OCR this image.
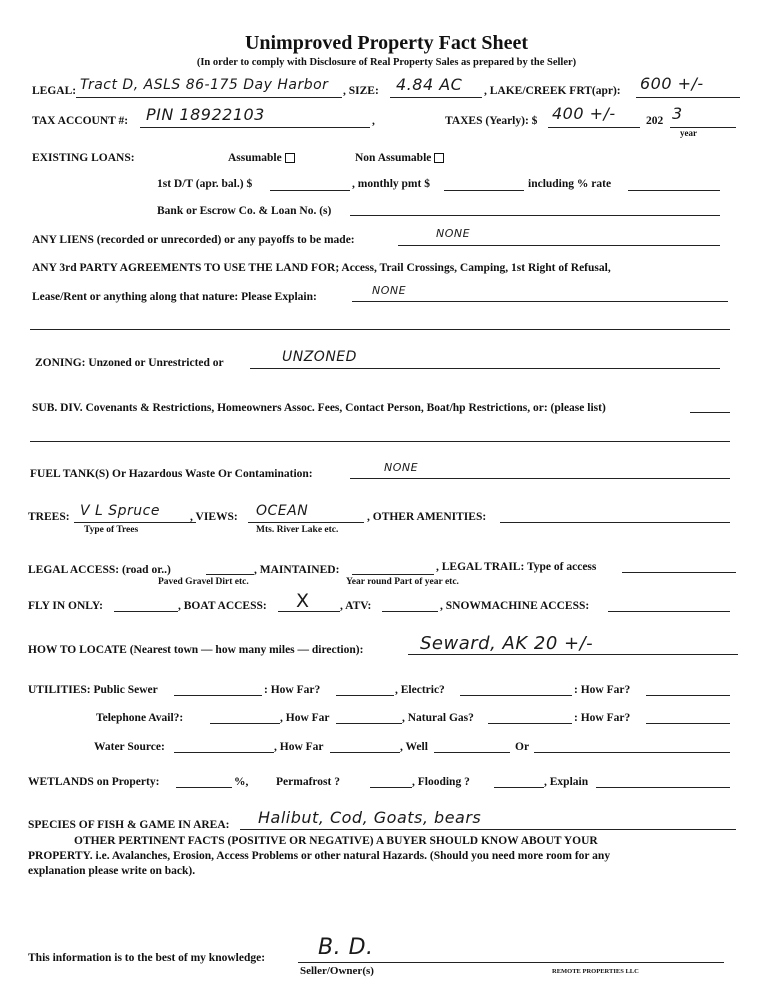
Unimproved Property Fact Sheet
(In order to comply with Disclosure of Real Property Sales as prepared by the Seller)
LEGAL: Tract D, ASLS 86-175 Day Harbor , SIZE: 4.84 AC , LAKE/CREEK FRT(apr): 600 +/-
TAX ACCOUNT #: PIN 18922103	,	TAXES (Yearly): $ 400 +/-	202 3
year
EXISTING LOANS:	Assumable	Non Assumable
1st D/T (apr. bal.) $	, monthly pmt $	including % rate
Bank or Escrow Co. & Loan No. (s)
ANY LIENS (recorded or unrecorded) or any payoffs to be made:	NONE
ANY 3rd PARTY AGREEMENTS TO USE THE LAND FOR; Access, Trail Crossings, Camping, 1st Right of Refusal,
Lease/Rent or anything along that nature: Please Explain:	NONE
ZONING: Unzoned or Unrestricted or	UNZONED
SUB. DIV. Covenants & Restrictions, Homeowners Assoc. Fees, Contact Person, Boat/hp Restrictions, or: (please list)
FUEL TANK(S) Or Hazardous Waste Or Contamination:	NONE
TREES: V L Spruce
Type of Trees
, VIEWS: OCEAN
Mts. River Lake etc.
, OTHER AMENITIES:
LEGAL ACCESS: (road or..)	, MAINTAINED:	, LEGAL TRAIL: Type of access
Paved Gravel Dirt etc.	Year round Part of year etc.
FLY IN ONLY:	, BOAT ACCESS: X	, ATV:	, SNOWMACHINE ACCESS:
HOW TO LOCATE (Nearest town — how many miles — direction):	Seward, AK 20 +/-
UTILITIES: Public Sewer	: How Far?	, Electric?	: How Far?
Telephone Avail?:	, How Far	, Natural Gas?	: How Far?
Water Source:	, How Far	, Well	Or
WETLANDS on Property:	%, Permafrost ?	, Flooding ?	, Explain
SPECIES OF FISH & GAME IN AREA: Halibut, Cod, Goats, bears
OTHER PERTINENT FACTS (POSITIVE OR NEGATIVE) A BUYER SHOULD KNOW ABOUT YOUR
PROPERTY. i.e. Avalanches, Erosion, Access Problems or other natural Hazards. (Should you need more room for any
explanation please write on back).
This information is to the best of my knowledge: B. D.
Seller/Owner(s)	REMOTE PROPERTIES LLC
